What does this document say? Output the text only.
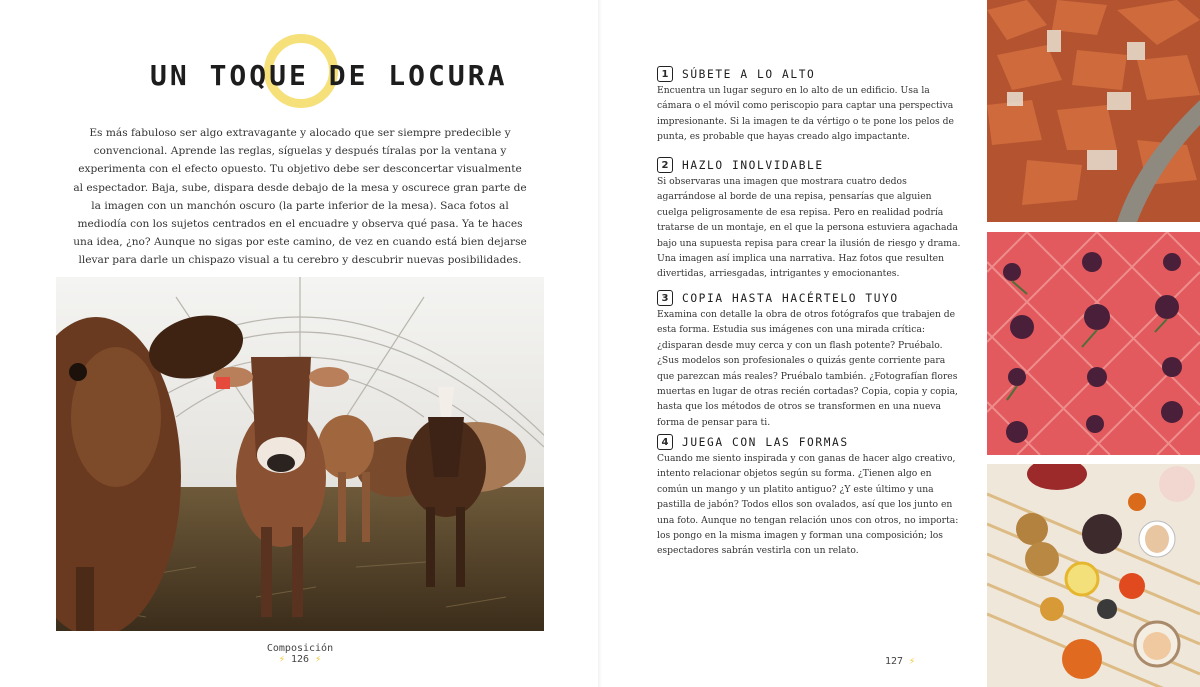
UN TOQUE DE LOCURA

Es más fabuloso ser algo extravagante y alocado que ser siempre predecible y convencional. Aprende las reglas, síguelas y después tíralas por la ventana y experimenta con el efecto opuesto. Tu objetivo debe ser desconcertar visualmente al espectador. Baja, sube, dispara desde debajo de la mesa y oscurece gran parte de la imagen con un manchón oscuro (la parte inferior de la mesa). Saca fotos al mediodía con los sujetos centrados en el encuadre y observa qué pasa. Ya te haces una idea, ¿no? Aunque no sigas por este camino, de vez en cuando está bien dejarse llevar para darle un chispazo visual a tu cerebro y descubrir nuevas posibilidades.

Composición
⚡ 126 ⚡
1	SÚBETE A LO ALTO

Encuentra un lugar seguro en lo alto de un edificio. Usa la cámara o el móvil como periscopio para captar una perspectiva impresionante. Si la imagen te da vértigo o te pone los pelos de punta, es probable que hayas creado algo impactante.

2	HAZLO INOLVIDABLE

Si observaras una imagen que mostrara cuatro dedos agarrándose al borde de una repisa, pensarías que alguien cuelga peligrosamente de esa repisa. Pero en realidad podría tratarse de un montaje, en el que la persona estuviera agachada bajo una supuesta repisa para crear la ilusión de riesgo y drama. Una imagen así implica una narrativa. Haz fotos que resulten divertidas, arriesgadas, intrigantes y emocionantes.

3	COPIA HASTA HACÉRTELO TUYO

Examina con detalle la obra de otros fotógrafos que trabajen de esta forma. Estudia sus imágenes con una mirada crítica: ¿disparan desde muy cerca y con un flash potente? Pruébalo. ¿Sus modelos son profesionales o quizás gente corriente para que parezcan más reales? Pruébalo también. ¿Fotografían flores muertas en lugar de otras recién cortadas? Copia, copia y copia, hasta que los métodos de otros se transformen en una nueva forma de pensar para ti.

4	JUEGA CON LAS FORMAS

Cuando me siento inspirada y con ganas de hacer algo creativo, intento relacionar objetos según su forma. ¿Tienen algo en común un mango y un platito antiguo? ¿Y este último y una pastilla de jabón? Todos ellos son ovalados, así que los junto en una foto. Aunque no tengan relación unos con otros, no importa: los pongo en la misma imagen y forman una composición; los espectadores sabrán vestirla con un relato.

127 ⚡
